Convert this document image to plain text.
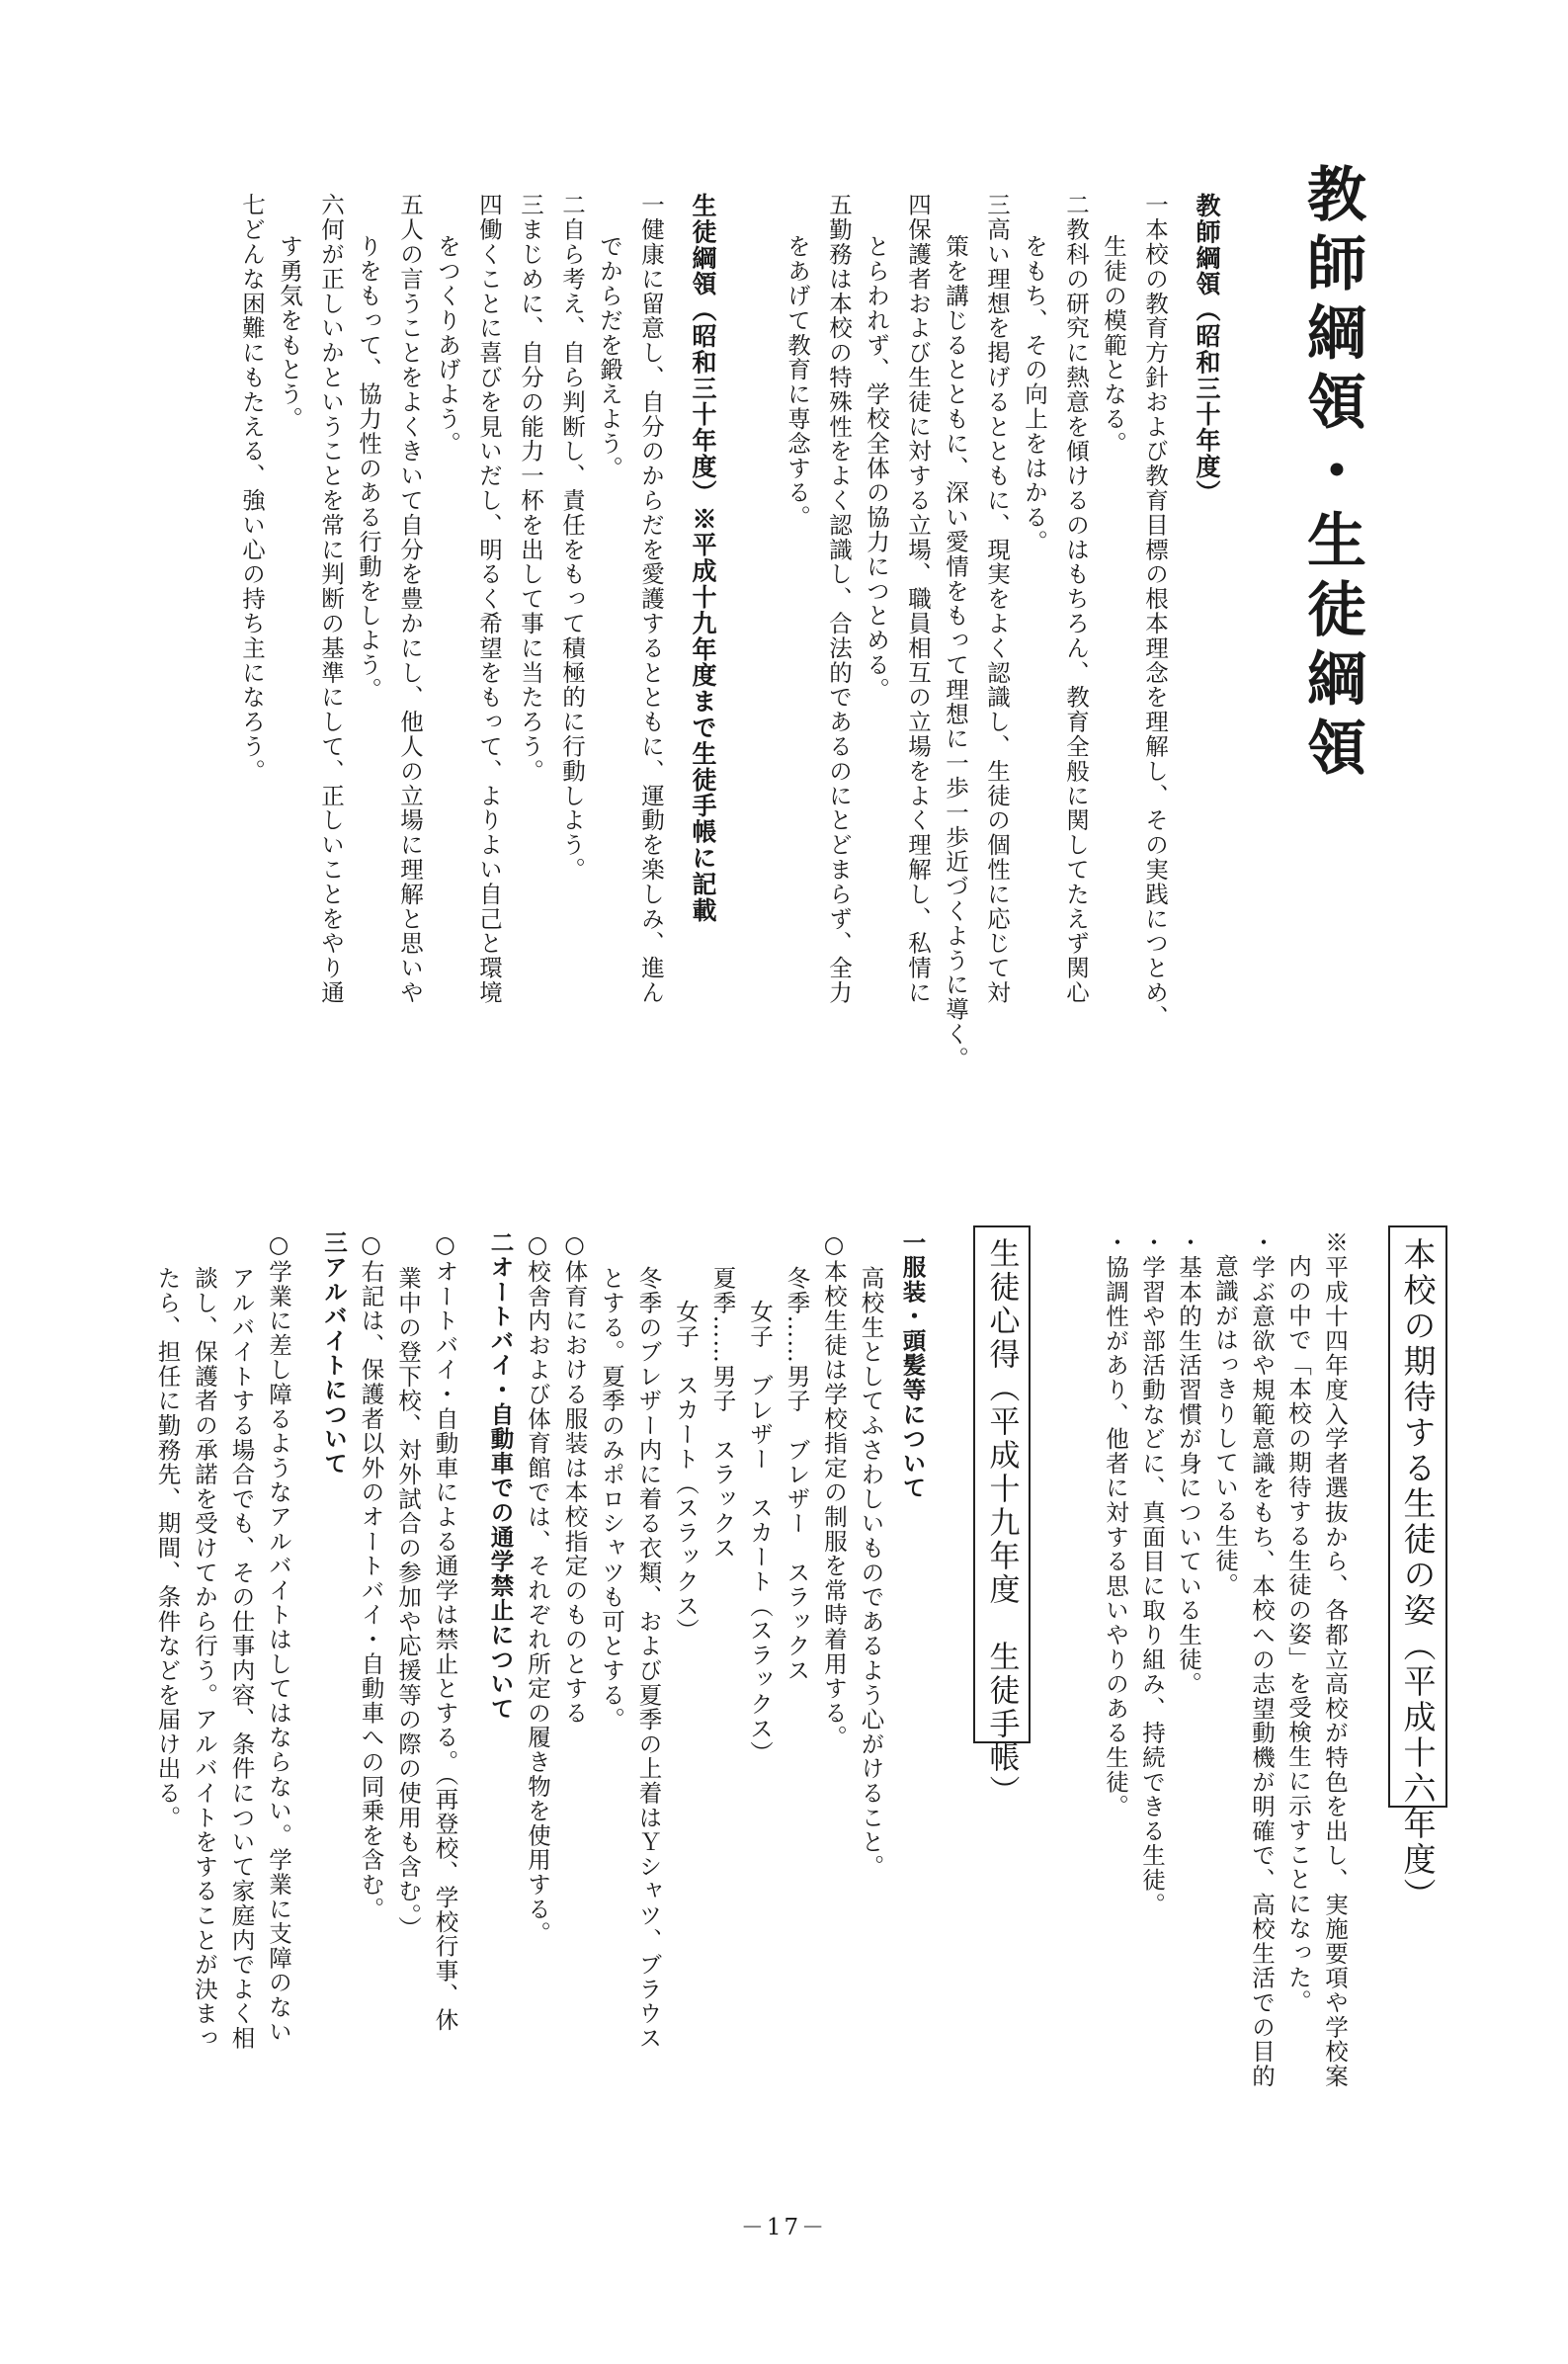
教師綱領・生徒綱領
教師綱領（昭和三十年度）
一本校の教育方針および教育目標の根本理念を理解し、その実践につとめ、
生徒の模範となる。
二教科の研究に熱意を傾けるのはもちろん、教育全般に関してたえず関心
をもち、その向上をはかる。
三高い理想を掲げるとともに、現実をよく認識し、生徒の個性に応じて対
策を講じるとともに、深い愛情をもって理想に一歩一歩近づくように導く。
四保護者および生徒に対する立場、職員相互の立場をよく理解し、私情に
とらわれず、学校全体の協力につとめる。
五勤務は本校の特殊性をよく認識し、合法的であるのにとどまらず、全力
をあげて教育に専念する。
生徒綱領（昭和三十年度）※平成十九年度まで生徒手帳に記載
一健康に留意し、自分のからだを愛護するとともに、運動を楽しみ、進ん
でからだを鍛えよう。
二自ら考え、自ら判断し、責任をもって積極的に行動しよう。
三まじめに、自分の能力一杯を出して事に当たろう。
四働くことに喜びを見いだし、明るく希望をもって、よりよい自己と環境
をつくりあげよう。
五人の言うことをよくきいて自分を豊かにし、他人の立場に理解と思いや
りをもって、協力性のある行動をしよう。
六何が正しいかということを常に判断の基準にして、正しいことをやり通
す勇気をもとう。
七どんな困難にもたえる、強い心の持ち主になろう。
本校の期待する生徒の姿（平成十六年度）
※平成十四年度入学者選抜から、各都立高校が特色を出し、実施要項や学校案
内の中で「本校の期待する生徒の姿」を受検生に示すことになった。
・学ぶ意欲や規範意識をもち、本校への志望動機が明確で、高校生活での目的
意識がはっきりしている生徒。
・基本的生活習慣が身についている生徒。
・学習や部活動などに、真面目に取り組み、持続できる生徒。
・協調性があり、他者に対する思いやりのある生徒。
生徒心得（平成十九年度　生徒手帳）
一服装・頭髪等について
高校生としてふさわしいものであるよう心がけること。
○本校生徒は学校指定の制服を常時着用する。
冬季……男子　ブレザー　スラックス
女子　ブレザー　スカート（スラックス）
夏季……男子　スラックス
女子　スカート（スラックス）
冬季のブレザー内に着る衣類、および夏季の上着はＹシャツ、ブラウス
とする。夏季のみポロシャツも可とする。
○体育における服装は本校指定のものとする
○校舎内および体育館では、それぞれ所定の履き物を使用する。
二オートバイ・自動車での通学禁止について
○オートバイ・自動車による通学は禁止とする。（再登校、学校行事、休
業中の登下校、対外試合の参加や応援等の際の使用も含む。）
○右記は、保護者以外のオートバイ・自動車への同乗を含む。
三アルバイトについて
○学業に差し障るようなアルバイトはしてはならない。学業に支障のない
アルバイトする場合でも、その仕事内容、条件について家庭内でよく相
談し、保護者の承諾を受けてから行う。アルバイトをすることが決まっ
たら、担任に勤務先、期間、条件などを届け出る。
－17－
